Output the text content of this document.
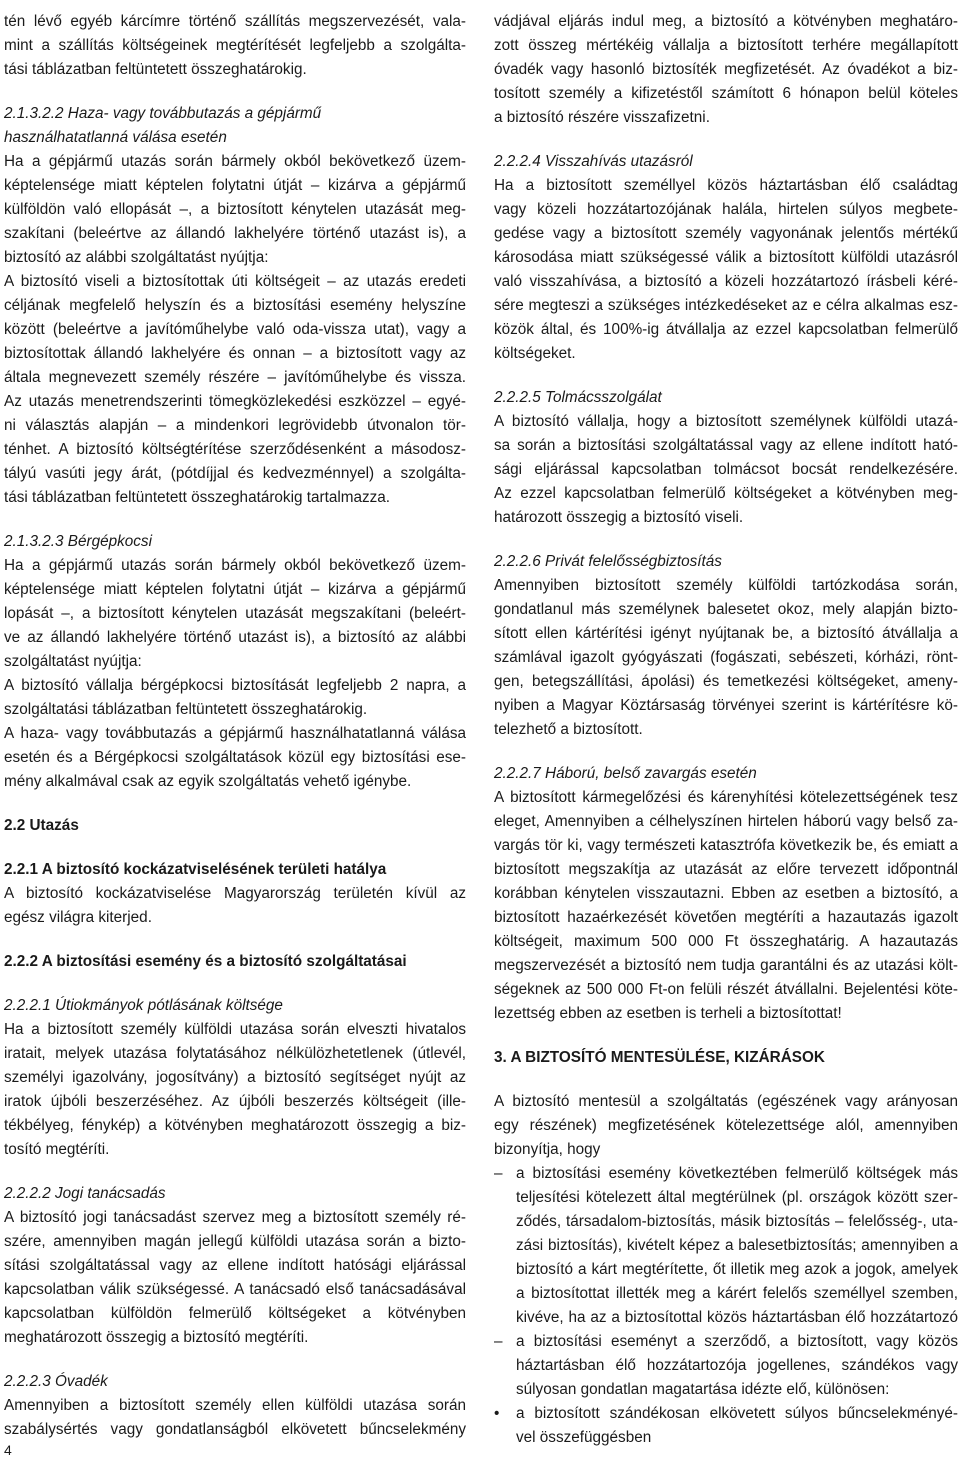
tén lévő egyéb kárcímre történő szállítás megszervezését, vala-
mint a szállítás költségeinek megtérítését legfeljebb a szolgálta-
tási táblázatban feltüntetett összeghatárokig.
2.1.3.2.2 Haza- vagy továbbutazás a gépjármű
használhatatlanná válása esetén
Ha a gépjármű utazás során bármely okból bekövetkező üzem-
képtelensége miatt képtelen folytatni útját – kizárva a gépjármű
külföldön való ellopását –, a biztosított kénytelen utazását meg-
szakítani (beleértve az állandó lakhelyére történő utazást is), a
biztosító az alábbi szolgáltatást nyújtja:
A biztosító viseli a biztosítottak úti költségeit – az utazás eredeti
céljának megfelelő helyszín és a biztosítási esemény helyszíne
között (beleértve a javítóműhelybe való oda-vissza utat), vagy a
biztosítottak állandó lakhelyére és onnan – a biztosított vagy az
általa megnevezett személy részére – javítóműhelybe és vissza.
Az utazás menetrendszerinti tömegközlekedési eszközzel – egyé-
ni választás alapján – a mindenkori legrövidebb útvonalon tör-
ténhet. A biztosító költségtérítése szerződésenként a másodosz-
tályú vasúti jegy árát, (pótdíjjal és kedvezménnyel) a szolgálta-
tási táblázatban feltüntetett összeghatárokig tartalmazza.
2.1.3.2.3 Bérgépkocsi
Ha a gépjármű utazás során bármely okból bekövetkező üzem-
képtelensége miatt képtelen folytatni útját – kizárva a gépjármű
lopását –, a biztosított kénytelen utazását megszakítani (beleért-
ve az állandó lakhelyére történő utazást is), a biztosító az alábbi
szolgáltatást nyújtja:
A biztosító vállalja bérgépkocsi biztosítását legfeljebb 2 napra, a
szolgáltatási táblázatban feltüntetett összeghatárokig.
A haza- vagy továbbutazás a gépjármű használhatatlanná válása
esetén és a Bérgépkocsi szolgáltatások közül egy biztosítási ese-
mény alkalmával csak az egyik szolgáltatás vehető igénybe.
2.2 Utazás
2.2.1 A biztosító kockázatviselésének területi hatálya
A biztosító kockázatviselése Magyarország területén kívül az
egész világra kiterjed.
2.2.2 A biztosítási esemény és a biztosító szolgáltatásai
2.2.2.1 Útiokmányok pótlásának költsége
Ha a biztosított személy külföldi utazása során elveszti hivatalos
iratait, melyek utazása folytatásához nélkülözhetetlenek (útlevél,
személyi igazolvány, jogosítvány) a biztosító segítséget nyújt az
iratok újbóli beszerzéséhez. Az újbóli beszerzés költségeit (ille-
tékbélyeg, fénykép) a kötvényben meghatározott összegig a biz-
tosító megtéríti.
2.2.2.2 Jogi tanácsadás
A biztosító jogi tanácsadást szervez meg a biztosított személy ré-
szére, amennyiben magán jellegű külföldi utazása során a bizto-
sítási szolgáltatással vagy az ellene indított hatósági eljárással
kapcsolatban válik szükségessé. A tanácsadó első tanácsadásával
kapcsolatban külföldön felmerülő költségeket a kötvényben
meghatározott összegig a biztosító megtéríti.
2.2.2.3 Óvadék
Amennyiben a biztosított személy ellen külföldi utazása során
szabálysértés vagy gondatlanságból elkövetett bűncselekmény
vádjával eljárás indul meg, a biztosító a kötvényben meghatáro-
zott összeg mértékéig vállalja a biztosított terhére megállapított
óvadék vagy hasonló biztosíték megfizetését. Az óvadékot a biz-
tosított személy a kifizetéstől számított 6 hónapon belül köteles
a biztosító részére visszafizetni.
2.2.2.4 Visszahívás utazásról
Ha a biztosított személlyel közös háztartásban élő családtag
vagy közeli hozzátartozójának halála, hirtelen súlyos megbete-
gedése vagy a biztosított személy vagyonának jelentős mértékű
károsodása miatt szükségessé válik a biztosított külföldi utazásról
való visszahívása, a biztosító a közeli hozzátartozó írásbeli kéré-
sére megteszi a szükséges intézkedéseket az e célra alkalmas esz-
közök által, és 100%-ig átvállalja az ezzel kapcsolatban felmerülő
költségeket.
2.2.2.5 Tolmácsszolgálat
A biztosító vállalja, hogy a biztosított személynek külföldi utazá-
sa során a biztosítási szolgáltatással vagy az ellene indított ható-
sági eljárással kapcsolatban tolmácsot bocsát rendelkezésére.
Az ezzel kapcsolatban felmerülő költségeket a kötvényben meg-
határozott összegig a biztosító viseli.
2.2.2.6 Privát felelősségbiztosítás
Amennyiben biztosított személy külföldi tartózkodása során,
gondatlanul más személynek balesetet okoz, mely alapján bizto-
sított ellen kártérítési igényt nyújtanak be, a biztosító átvállalja a
számlával igazolt gyógyászati (fogászati, sebészeti, kórházi, rönt-
gen, betegszállítási, ápolási) és temetkezési költségeket, ameny-
nyiben a Magyar Köztársaság törvényei szerint is kártérítésre kö-
telezhető a biztosított.
2.2.2.7 Háború, belső zavargás esetén
A biztosított kármegelőzési és kárenyhítési kötelezettségének tesz
eleget, Amennyiben a célhelyszínen hirtelen háború vagy belső za-
vargás tör ki, vagy természeti katasztrófa következik be, és emiatt a
biztosított megszakítja az utazását az előre tervezett időpontnál
korábban kénytelen visszautazni. Ebben az esetben a biztosító, a
biztosított hazaérkezését követően megtéríti a hazautazás igazolt
költségeit, maximum 500 000 Ft összeghatárig. A hazautazás
megszervezését a biztosító nem tudja garantálni és az utazási költ-
ségeknek az 500 000 Ft-on felüli részét átvállalni. Bejelentési köte-
lezettség ebben az esetben is terheli a biztosítottat!
3. A BIZTOSÍTÓ MENTESÜLÉSE, KIZÁRÁSOK
A biztosító mentesül a szolgáltatás (egészének vagy arányosan
egy részének) megfizetésének kötelezettsége alól, amennyiben
bizonyítja, hogy
– a biztosítási esemény következtében felmerülő költségek más
teljesítési kötelezett által megtérülnek (pl. országok között szer-
ződés, társadalom-biztosítás, másik biztosítás – felelősség-, uta-
zási biztosítás), kivételt képez a balesetbiztosítás; amennyiben a
biztosító a kárt megtérítette, őt illetik meg azok a jogok, amelyek
a biztosítottat illették meg a kárért felelős személlyel szemben,
kivéve, ha az a biztosítottal közös háztartásban élő hozzátartozó
– a biztosítási eseményt a szerződő, a biztosított, vagy közös
háztartásban élő hozzátartozója jogellenes, szándékos vagy
súlyosan gondatlan magatartása idézte elő, különösen:
•	a biztosított szándékosan elkövetett súlyos bűncselekményé-
vel összefüggésben
4
